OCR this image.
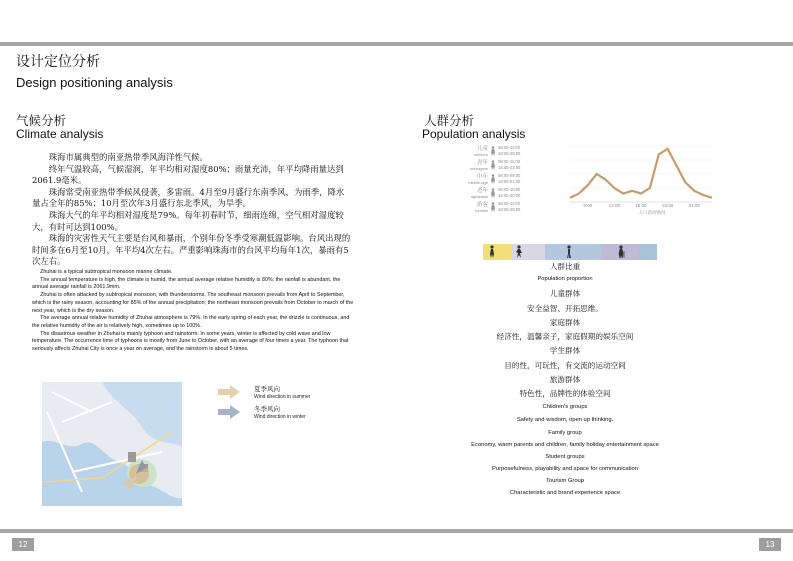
设计定位分析
Design positioning analysis
气候分析
Climate analysis

珠海市属典型的南亚热带季风海洋性气候。

终年气温较高，气候湿润，年平均相对湿度80%；雨量充沛，年平均降雨量达到2061.9毫米。

珠海常受南亚热带季候风侵袭，多雷雨。4月至9月盛行东南季风，为雨季，降水量占全年的85%；10月至次年3月盛行东北季风，为旱季。

珠海大气的年平均相对湿度是79%。每年初春时节，细雨连绵，空气相对湿度较大，有时可达到100%。

珠海的灾害性天气主要是台风和暴雨，个别年份冬季受寒潮低温影响。台风出现的时间多在6月至10月，年平均4次左右。严重影响珠海市的台风平均每年1次，暴雨有5次左右。

Zhuhai is a typical subtropical monsoon marine climate.

The annual temperature is high, the climate is humid, the annual average relative humidity is 80%; the rainfall is abundant, the annual average rainfall is 2061.9mm.

Zhuhai is often attacked by subtropical monsoon, with thunderstorms. The southeast monsoon prevails from April to September, which is the rainy season, accounting for 85% of the annual precipitation; the northeast monsoon prevails from October to march of the next year, which is the dry season.

The average annual relative humidity of Zhuhai atmosphere is 79%. In the early spring of each year, the drizzle is continuous, and the relative humidity of the air is relatively high, sometimes up to 100%.

The disastrous weather in Zhuhai is mainly typhoon and rainstorm. In some years, winter is affected by cold wave and low temperature. The occurrence time of typhoons is mostly from June to October, with an average of four times a year. The typhoon that seriously affects Zhuhai City is once a year on average, and the rainstorm is about 5 times.

夏季风向
Wind direction in summer
冬季风向
Wind direction in winter
人群分析
Population analysis
儿童
children
08:00-11:00
18:00-20:00
青年
teenagers
08:00-11:00
16:00-22:00
中年
middle-age
08:00-09:00
18:00-21:00
老年
agedness
06:00-10:00
15:00-20:00
游客
tourists
08:00-11:00
18:00-20:00
9:00	12:00	15:00	18:00	21:00
人口活动情况
人群比重
Population proportion
儿童群体
安全益智、开拓思维。
家庭群体
经济性，温馨亲子，家庭假期的娱乐空间
学生群体
目的性，可玩性，有交流的运动空间
旅游群体
特色性，品牌性的体验空间
Children's groups
Safety and wisdom, open up thinking.
Family group
Economy, warm parents and children, family holiday entertainment space
Student groups
Purposefulness, playability and space for communication
Tourism Group
Characteristic and brand experience space
12	13
